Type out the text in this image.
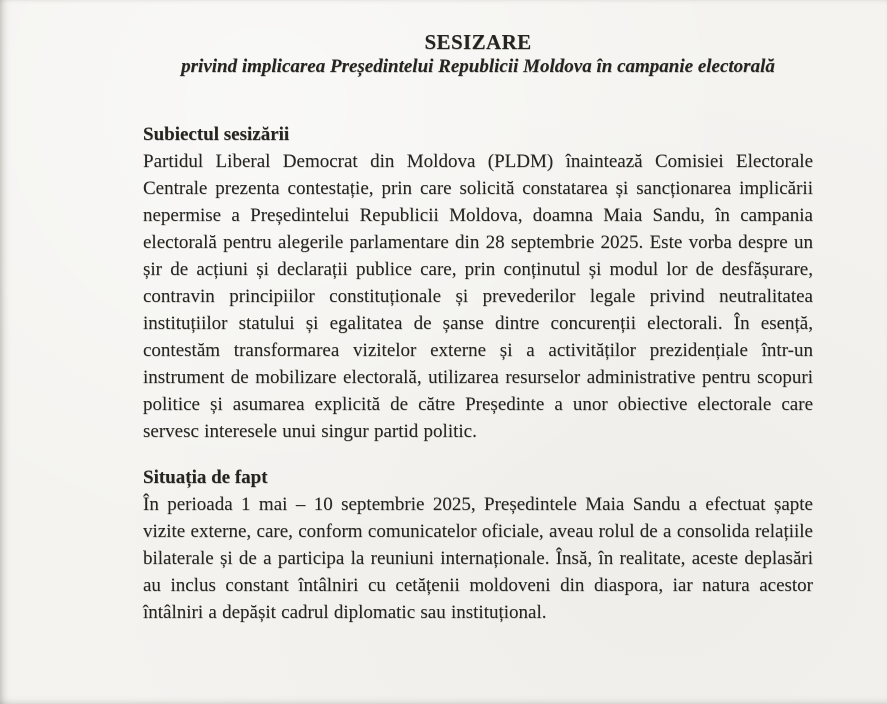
SESIZARE
privind implicarea Președintelui Republicii Moldova în campanie electorală
Subiectul sesizării

Partidul Liberal Democrat din Moldova (PLDM) înaintează Comisiei Electorale Centrale prezenta contestație, prin care solicită constatarea și sancționarea implicării nepermise a Președintelui Republicii Moldova, doamna Maia Sandu, în campania electorală pentru alegerile parlamentare din 28 septembrie 2025. Este vorba despre un șir de acțiuni și declarații publice care, prin conținutul și modul lor de desfășurare, contravin principiilor constituționale și prevederilor legale privind neutralitatea instituțiilor statului și egalitatea de șanse dintre concurenții electorali. În esență, contestăm transformarea vizitelor externe și a activităților prezidențiale într-un instrument de mobilizare electorală, utilizarea resurselor administrative pentru scopuri politice și asumarea explicită de către Președinte a unor obiective electorale care servesc interesele unui singur partid politic.

Situația de fapt

În perioada 1 mai – 10 septembrie 2025, Președintele Maia Sandu a efectuat șapte vizite externe, care, conform comunicatelor oficiale, aveau rolul de a consolida relațiile bilaterale și de a participa la reuniuni internaționale. Însă, în realitate, aceste deplasări au inclus constant întâlniri cu cetățenii moldoveni din diaspora, iar natura acestor întâlniri a depășit cadrul diplomatic sau instituțional.
